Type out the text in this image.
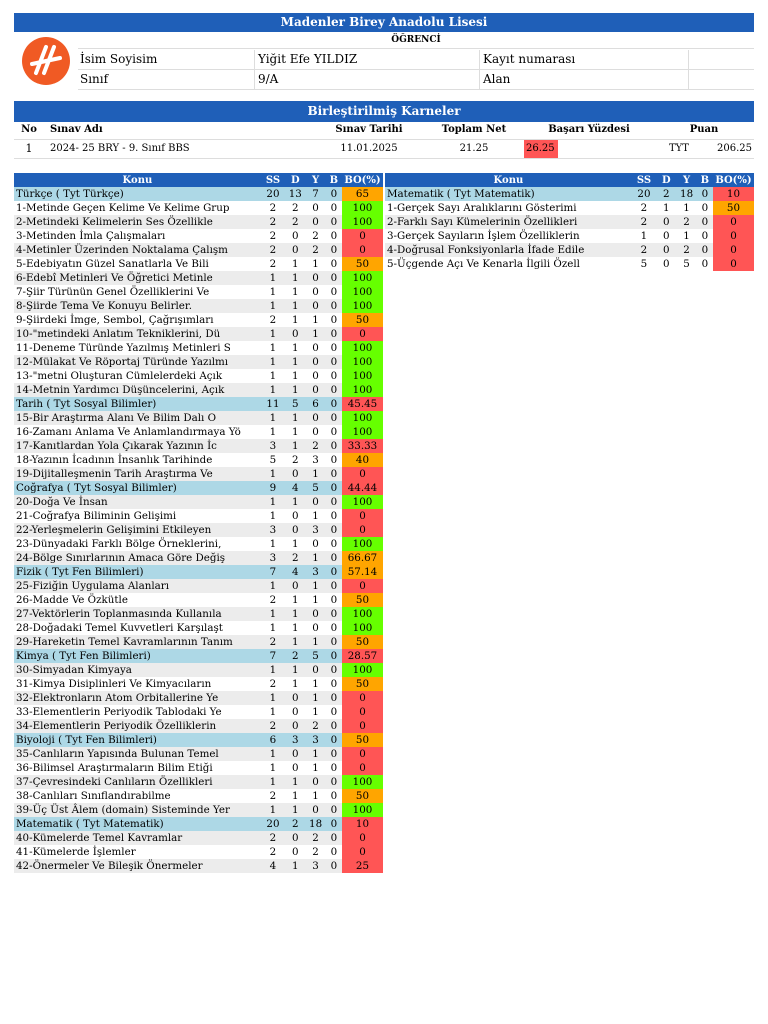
Madenler Birey Anadolu Lisesi
ÖĞRENCİ
İsim Soyisim	Yiğit Efe YILDIZ	Kayıt numarası
Sınıf	9/A	Alan
Birleştirilmiş Karneler
No	Sınav Adı	Sınav Tarihi	Toplam Net	Başarı Yüzdesi	Puan
1	2024- 25 BRY - 9. Sınıf BBS	11.01.2025	21.25	26.25	TYT	206.25
Konu	SS	D	Y	B	BO(%)
Türkçe ( Tyt Türkçe)	20	13	7	0	65
1-Metinde Geçen Kelime Ve Kelime Grup	2	2	0	0	100
2-Metindeki Kelimelerin Ses Özellikle	2	2	0	0	100
3-Metinden İmla Çalışmaları	2	0	2	0	0
4-Metinler Üzerinden Noktalama Çalışm	2	0	2	0	0
5-Edebiyatın Güzel Sanatlarla Ve Bili	2	1	1	0	50
6-Edebî Metinleri Ve Öğretici Metinle	1	1	0	0	100
7-Şiir Türünün Genel Özelliklerini Ve	1	1	0	0	100
8-Şiirde Tema Ve Konuyu Belirler.	1	1	0	0	100
9-Şiirdeki İmge, Sembol, Çağrışımları	2	1	1	0	50
10-"metindeki Anlatım Tekniklerini, Dü	1	0	1	0	0
11-Deneme Türünde Yazılmış Metinleri S	1	1	0	0	100
12-Mülakat Ve Röportaj Türünde Yazılmı	1	1	0	0	100
13-"metni Oluşturan Cümlelerdeki Açık	1	1	0	0	100
14-Metnin Yardımcı Düşüncelerini, Açık	1	1	0	0	100
Tarih ( Tyt Sosyal Bilimler)	11	5	6	0	45.45
15-Bir Araştırma Alanı Ve Bilim Dalı O	1	1	0	0	100
16-Zamanı Anlama Ve Anlamlandırmaya Yö	1	1	0	0	100
17-Kanıtlardan Yola Çıkarak Yazının İc	3	1	2	0	33.33
18-Yazının İcadının İnsanlık Tarihinde	5	2	3	0	40
19-Dijitalleşmenin Tarih Araştırma Ve	1	0	1	0	0
Coğrafya ( Tyt Sosyal Bilimler)	9	4	5	0	44.44
20-Doğa Ve İnsan	1	1	0	0	100
21-Coğrafya Biliminin Gelişimi	1	0	1	0	0
22-Yerleşmelerin Gelişimini Etkileyen	3	0	3	0	0
23-Dünyadaki Farklı Bölge Örneklerini,	1	1	0	0	100
24-Bölge Sınırlarının Amaca Göre Değiş	3	2	1	0	66.67
Fizik ( Tyt Fen Bilimleri)	7	4	3	0	57.14
25-Fiziğin Uygulama Alanları	1	0	1	0	0
26-Madde Ve Özkütle	2	1	1	0	50
27-Vektörlerin Toplanmasında Kullanıla	1	1	0	0	100
28-Doğadaki Temel Kuvvetleri Karşılaşt	1	1	0	0	100
29-Hareketin Temel Kavramlarının Tanım	2	1	1	0	50
Kimya ( Tyt Fen Bilimleri)	7	2	5	0	28.57
30-Simyadan Kimyaya	1	1	0	0	100
31-Kimya Disiplinleri Ve Kimyacıların	2	1	1	0	50
32-Elektronların Atom Orbitallerine Ye	1	0	1	0	0
33-Elementlerin Periyodik Tablodaki Ye	1	0	1	0	0
34-Elementlerin Periyodik Özelliklerin	2	0	2	0	0
Biyoloji ( Tyt Fen Bilimleri)	6	3	3	0	50
35-Canlıların Yapısında Bulunan Temel	1	0	1	0	0
36-Bilimsel Araştırmaların Bilim Etiği	1	0	1	0	0
37-Çevresindeki Canlıların Özellikleri	1	1	0	0	100
38-Canlıları Sınıflandırabilme	2	1	1	0	50
39-Üç Üst Âlem (domain) Sisteminde Yer	1	1	0	0	100
Matematik ( Tyt Matematik)	20	2	18	0	10
40-Kümelerde Temel Kavramlar	2	0	2	0	0
41-Kümelerde İşlemler	2	0	2	0	0
42-Önermeler Ve Bileşik Önermeler	4	1	3	0	25
Konu	SS	D	Y	B	BO(%)
Matematik ( Tyt Matematik)	20	2	18	0	10
1-Gerçek Sayı Aralıklarını Gösterimi	2	1	1	0	50
2-Farklı Sayı Kümelerinin Özellikleri	2	0	2	0	0
3-Gerçek Sayıların İşlem Özelliklerin	1	0	1	0	0
4-Doğrusal Fonksiyonlarla İfade Edile	2	0	2	0	0
5-Üçgende Açı Ve Kenarla İlgili Özell	5	0	5	0	0
